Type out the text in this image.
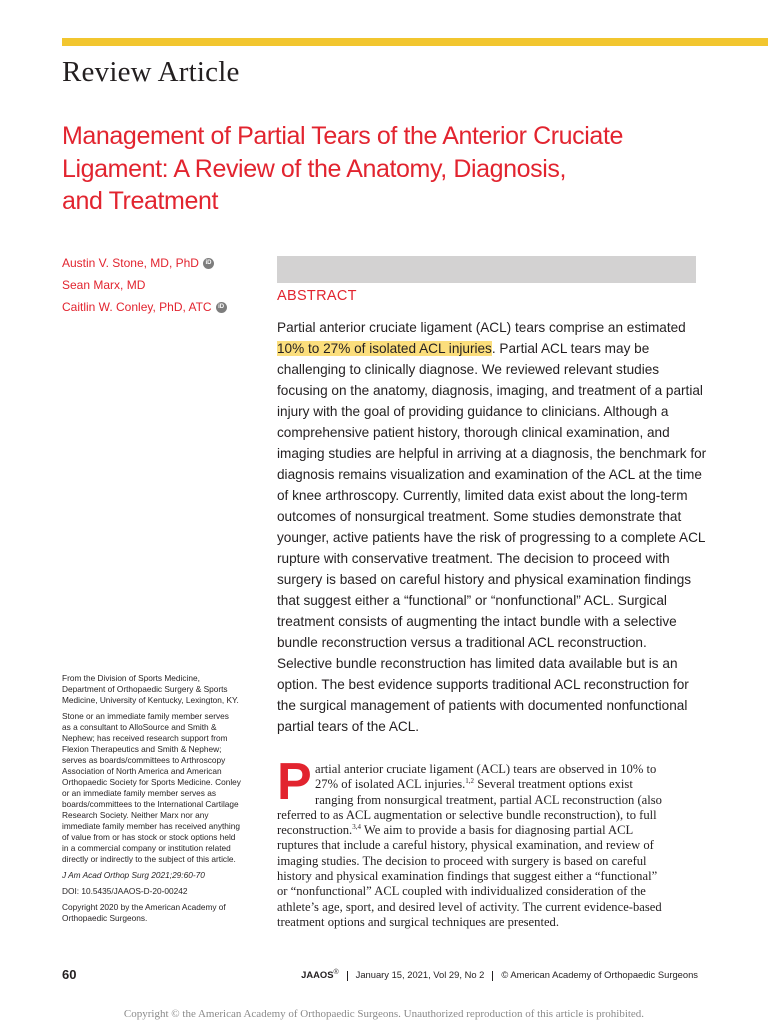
Review Article
Management of Partial Tears of the Anterior Cruciate
Ligament: A Review of the Anatomy, Diagnosis,
and Treatment
Austin V. Stone, MD, PhD	iD
Sean Marx, MD
Caitlin W. Conley, PhD, ATC	iD
ABSTRACT
Partial anterior cruciate ligament (ACL) tears comprise an estimated
10% to 27% of isolated ACL injuries. Partial ACL tears may be
challenging to clinically diagnose. We reviewed relevant studies
focusing on the anatomy, diagnosis, imaging, and treatment of a partial
injury with the goal of providing guidance to clinicians. Although a
comprehensive patient history, thorough clinical examination, and
imaging studies are helpful in arriving at a diagnosis, the benchmark for
diagnosis remains visualization and examination of the ACL at the time
of knee arthroscopy. Currently, limited data exist about the long-term
outcomes of nonsurgical treatment. Some studies demonstrate that
younger, active patients have the risk of progressing to a complete ACL
rupture with conservative treatment. The decision to proceed with
surgery is based on careful history and physical examination findings
that suggest either a “functional” or “nonfunctional” ACL. Surgical
treatment consists of augmenting the intact bundle with a selective
bundle reconstruction versus a traditional ACL reconstruction.
Selective bundle reconstruction has limited data available but is an
option. The best evidence supports traditional ACL reconstruction for
the surgical management of patients with documented nonfunctional
partial tears of the ACL.

From the Division of Sports Medicine,
Department of Orthopaedic Surgery & Sports
Medicine, University of Kentucky, Lexington, KY.

Stone or an immediate family member serves
as a consultant to AlloSource and Smith &
Nephew; has received research support from
Flexion Therapeutics and Smith & Nephew;
serves as boards/committees to Arthroscopy
Association of North America and American
Orthopaedic Society for Sports Medicine. Conley
or an immediate family member serves as
boards/committees to the International Cartilage
Research Society. Neither Marx nor any
immediate family member has received anything
of value from or has stock or stock options held
in a commercial company or institution related
directly or indirectly to the subject of this article.

J Am Acad Orthop Surg 2021;29:60-70

DOI: 10.5435/JAAOS-D-20-00242

Copyright 2020 by the American Academy of
Orthopaedic Surgeons.

P artial anterior cruciate ligament (ACL) tears are observed in 10% to
27% of isolated ACL injuries.$^{1,2}$ Several treatment options exist
ranging from nonsurgical treatment, partial ACL reconstruction (also
referred to as ACL augmentation or selective bundle reconstruction), to full
reconstruction.$^{3,4}$ We aim to provide a basis for diagnosing partial ACL
ruptures that include a careful history, physical examination, and review of
imaging studies. The decision to proceed with surgery is based on careful
history and physical examination findings that suggest either a “functional”
or “nonfunctional” ACL coupled with individualized consideration of the
athlete’s age, sport, and desired level of activity. The current evidence-based
treatment options and surgical techniques are presented.
60	JAAOS® January 15, 2021, Vol 29, No 2 © American Academy of Orthopaedic Surgeons
Copyright © the American Academy of Orthopaedic Surgeons. Unauthorized reproduction of this article is prohibited.
